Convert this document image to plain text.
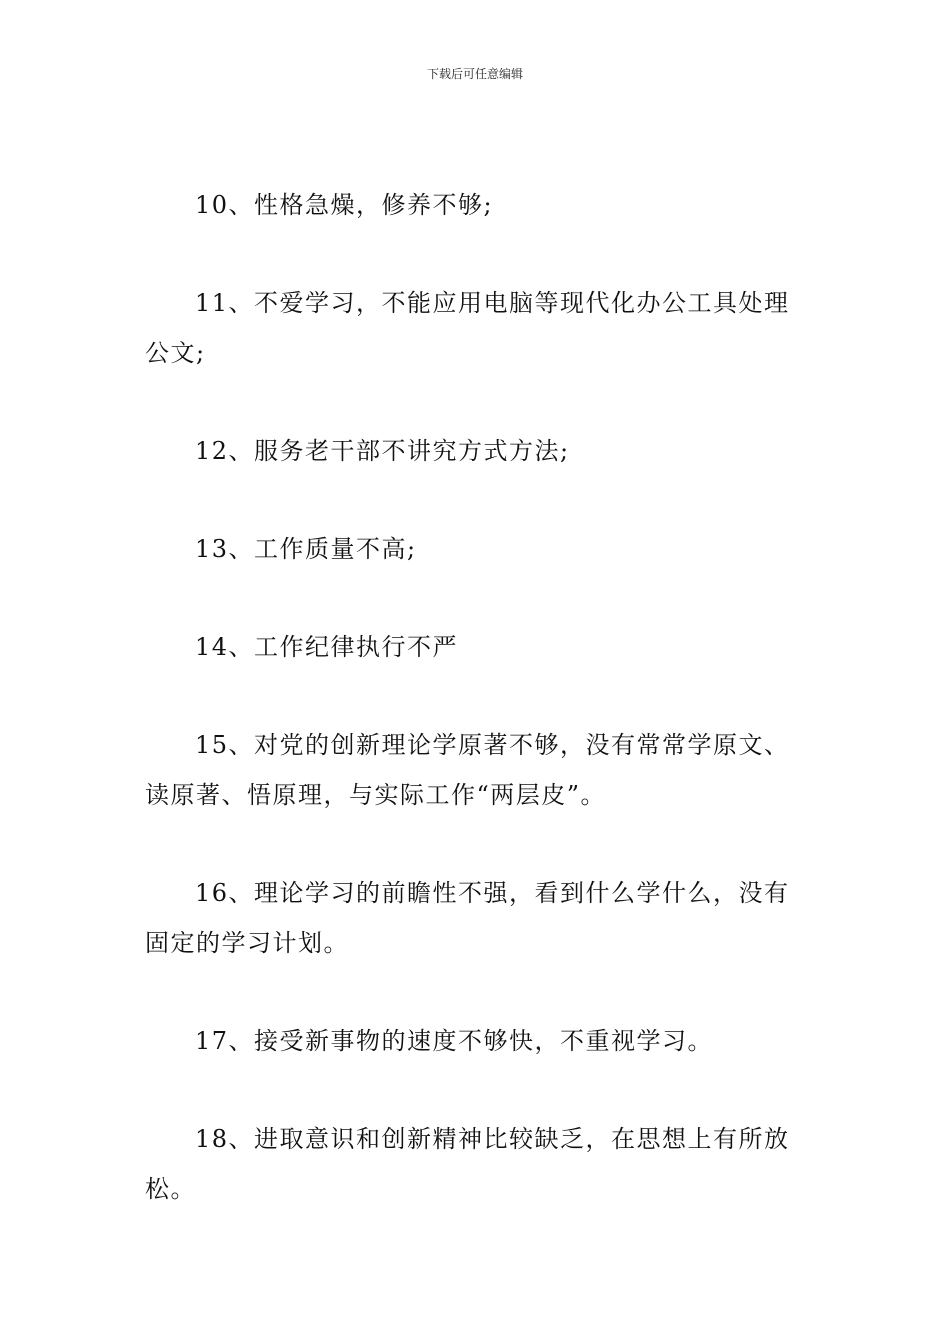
下载后可任意编辑

10、性格急燥，修养不够;

11、不爱学习，不能应用电脑等现代化办公工具处理公文;

12、服务老干部不讲究方式方法;

13、工作质量不高;

14、工作纪律执行不严

15、对党的创新理论学原著不够，没有常常学原文、读原著、悟原理，与实际工作“两层皮”。

16、理论学习的前瞻性不强，看到什么学什么，没有固定的学习计划。

17、接受新事物的速度不够快，不重视学习。

18、进取意识和创新精神比较缺乏，在思想上有所放松。
